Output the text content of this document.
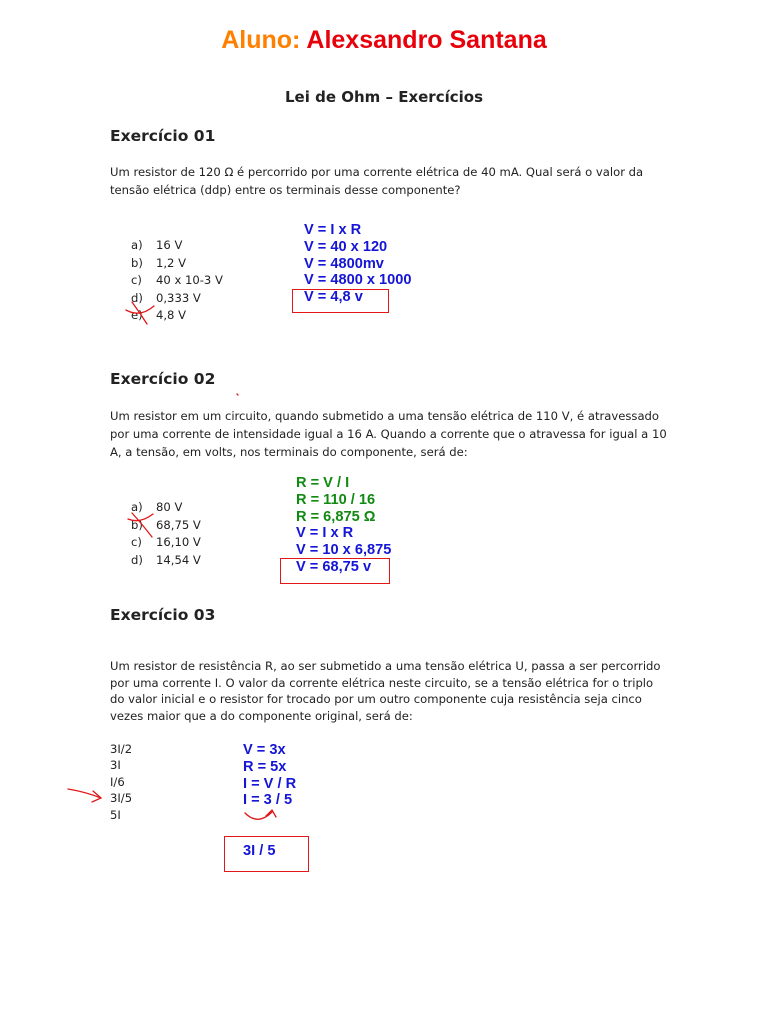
Aluno: Alexsandro Santana
Lei de Ohm – Exercícios
Exercício 01
Um resistor de 120 Ω é percorrido por uma corrente elétrica de 40 mA. Qual será o valor da tensão elétrica (ddp) entre os terminais desse componente?
a) 16 V
b) 1,2 V
c) 40 x 10-3 V
d) 0,333 V
e) 4,8 V
V = I x R
V = 40 x 120
V = 4800mv
V = 4800 x 1000
V = 4,8 v
Exercício 02
Um resistor em um circuito, quando submetido a uma tensão elétrica de 110 V, é atravessado por uma corrente de intensidade igual a 16 A. Quando a corrente que o atravessa for igual a 10 A, a tensão, em volts, nos terminais do componente, será de:
a) 80 V
b) 68,75 V
c) 16,10 V
d) 14,54 V
R = V / I
R = 110 / 16
R = 6,875 Ω
V = I x R
V = 10 x 6,875
V = 68,75 v
Exercício 03
Um resistor de resistência R, ao ser submetido a uma tensão elétrica U, passa a ser percorrido por uma corrente I. O valor da corrente elétrica neste circuito, se a tensão elétrica for o triplo do valor inicial e o resistor for trocado por um outro componente cuja resistência seja cinco vezes maior que a do componente original, será de:
3I/2
3I
I/6
3I/5
5I
V = 3x
R = 5x
I = V / R
I = 3 / 5
3I / 5
